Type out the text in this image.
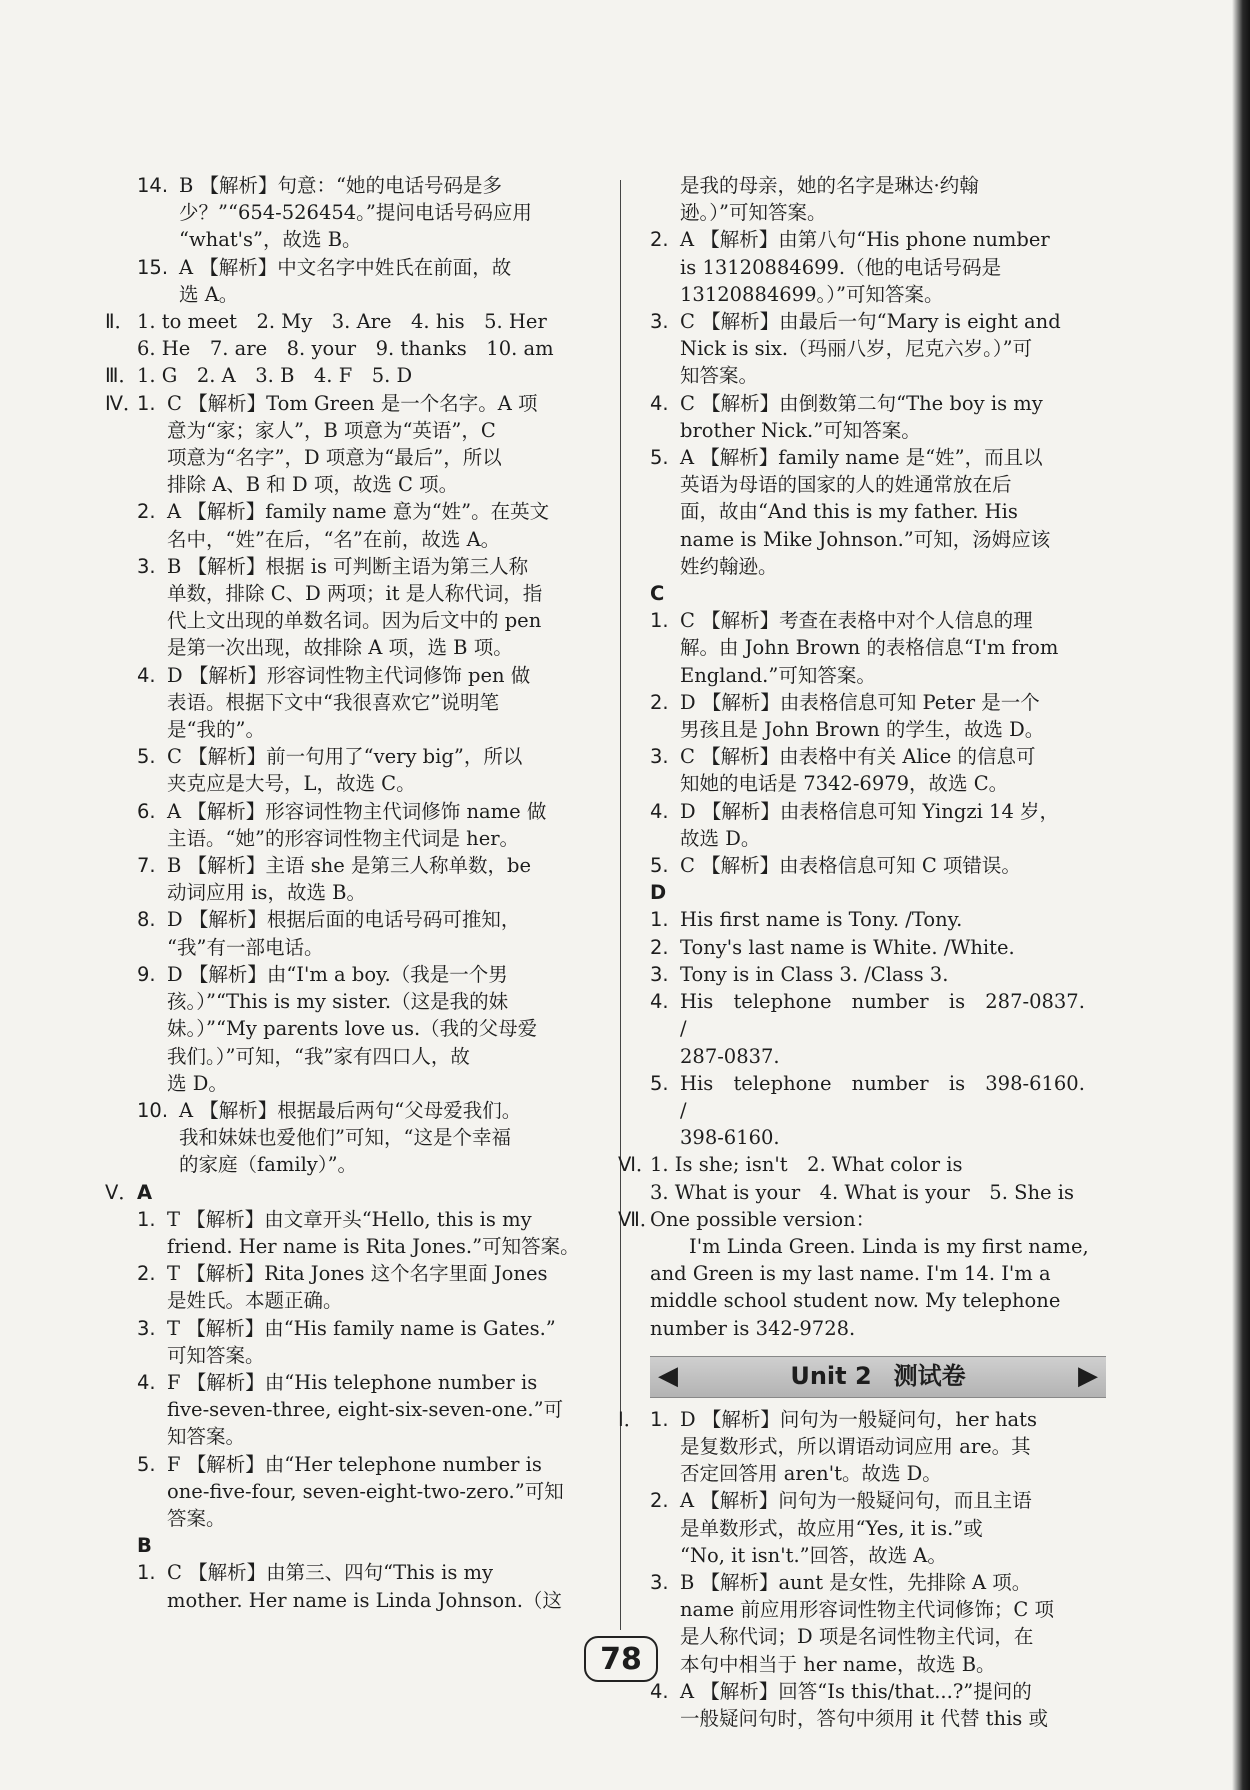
14. B 【解析】句意：“她的电话号码是多
少？”“654-526454。”提问电话号码应用
“what's”，故选 B。
15. A 【解析】中文名字中姓氏在前面，故
选 A。
Ⅱ． 1. to meet　2. My　3. Are　4. his　5. Her
6. He　7. are　8. your　9. thanks　10. am
Ⅲ． 1. G　2. A　3. B　4. F　5. D
Ⅳ．
1. C 【解析】Tom Green 是一个名字。A 项
意为“家；家人”，B 项意为“英语”，C
项意为“名字”，D 项意为“最后”，所以
排除 A、B 和 D 项，故选 C 项。
2. A 【解析】family name 意为“姓”。在英文
名中，“姓”在后，“名”在前，故选 A。
3. B 【解析】根据 is 可判断主语为第三人称
单数，排除 C、D 两项；it 是人称代词，指
代上文出现的单数名词。因为后文中的 pen
是第一次出现，故排除 A 项，选 B 项。
4. D 【解析】形容词性物主代词修饰 pen 做
表语。根据下文中“我很喜欢它”说明笔
是“我的”。
5. C 【解析】前一句用了“very big”，所以
夹克应是大号，L，故选 C。
6. A 【解析】形容词性物主代词修饰 name 做
主语。“她”的形容词性物主代词是 her。
7. B 【解析】主语 she 是第三人称单数，be
动词应用 is，故选 B。
8. D 【解析】根据后面的电话号码可推知，
“我”有一部电话。
9. D 【解析】由“I'm a boy.（我是一个男
孩。）”“This is my sister.（这是我的妹
妹。）”“My parents love us.（我的父母爱
我们。）”可知，“我”家有四口人，故
选 D。
10. A 【解析】根据最后两句“父母爱我们。
我和妹妹也爱他们”可知，“这是个幸福
的家庭（family）”。
Ⅴ． A
1. T 【解析】由文章开头“Hello, this is my
friend. Her name is Rita Jones.”可知答案。
2. T 【解析】Rita Jones 这个名字里面 Jones
是姓氏。本题正确。
3. T 【解析】由“His family name is Gates.”
可知答案。
4. F 【解析】由“His telephone number is
five-seven-three, eight-six-seven-one.”可
知答案。
5. F 【解析】由“Her telephone number is
one-five-four, seven-eight-two-zero.”可知
答案。
B
1. C 【解析】由第三、四句“This is my
mother. Her name is Linda Johnson.（这
是我的母亲，她的名字是琳达·约翰
逊。）”可知答案。
2. A 【解析】由第八句“His phone number
is 13120884699.（他的电话号码是
13120884699。）”可知答案。
3. C 【解析】由最后一句“Mary is eight and
Nick is six.（玛丽八岁，尼克六岁。）”可
知答案。
4. C 【解析】由倒数第二句“The boy is my
brother Nick.”可知答案。
5. A 【解析】family name 是“姓”，而且以
英语为母语的国家的人的姓通常放在后
面，故由“And this is my father. His
name is Mike Johnson.”可知，汤姆应该
姓约翰逊。
C
1. C 【解析】考查在表格中对个人信息的理
解。由 John Brown 的表格信息“I'm from
England.”可知答案。
2. D 【解析】由表格信息可知 Peter 是一个
男孩且是 John Brown 的学生，故选 D。
3. C 【解析】由表格中有关 Alice 的信息可
知她的电话是 7342-6979，故选 C。
4. D 【解析】由表格信息可知 Yingzi 14 岁，
故选 D。
5. C 【解析】由表格信息可知 C 项错误。
D
1. His first name is Tony. /Tony.
2. Tony's last name is White. /White.
3. Tony is in Class 3. /Class 3.
4. His telephone number is 287-0837. /
287-0837.
5. His telephone number is 398-6160. /
398-6160.
Ⅵ．
1. Is she; isn't　2. What color is
3. What is your　4. What is your　5. She is
Ⅶ．
One possible version：
I'm Linda Green. Linda is my first name,
and Green is my last name. I'm 14. I'm a
middle school student now. My telephone
number is 342-9728.
◀	Unit 2 测试卷	▶
Ⅰ． 1. D 【解析】问句为一般疑问句，her hats
是复数形式，所以谓语动词应用 are。其
否定回答用 aren't。故选 D。
2. A 【解析】问句为一般疑问句，而且主语
是单数形式，故应用“Yes, it is.”或
“No, it isn't.”回答，故选 A。
3. B 【解析】aunt 是女性，先排除 A 项。
name 前应用形容词性物主代词修饰；C 项
是人称代词；D 项是名词性物主代词，在
本句中相当于 her name，故选 B。
4. A 【解析】回答“Is this/that...?”提问的
一般疑问句时，答句中须用 it 代替 this 或
78
